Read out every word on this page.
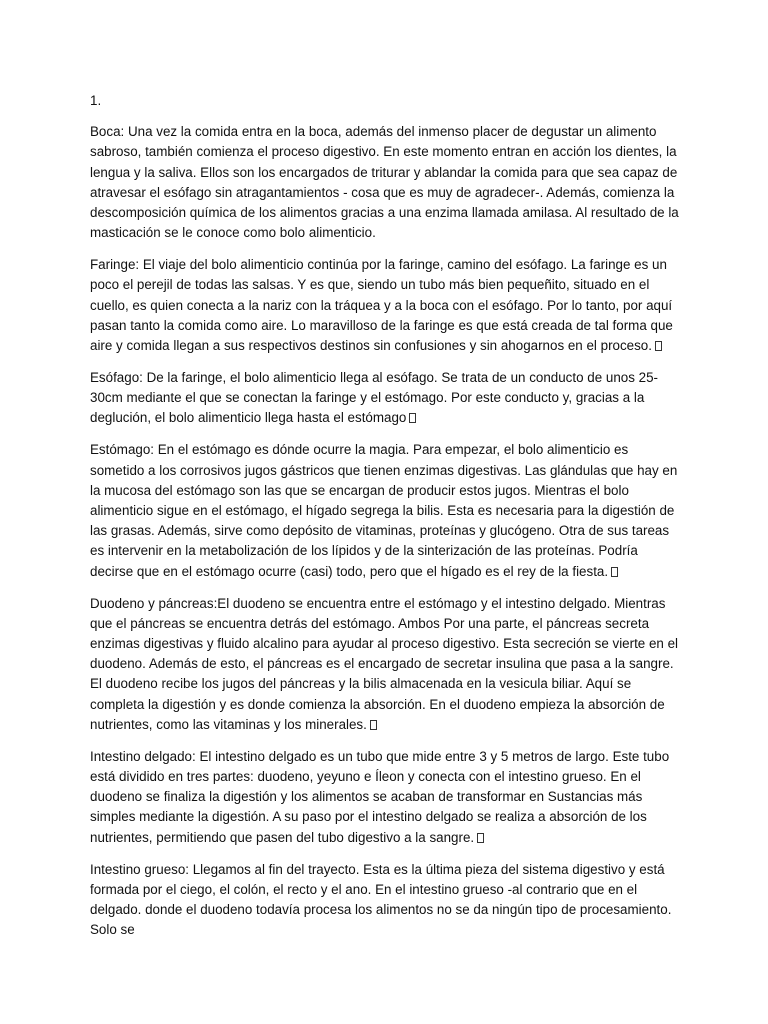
1.

Boca: Una vez la comida entra en la boca, además del inmenso placer de degustar un alimento sabroso, también comienza el proceso digestivo. En este momento entran en acción los dientes, la lengua y la saliva. Ellos son los encargados de triturar y ablandar la comida para que sea capaz de atravesar el esófago sin atragantamientos - cosa que es muy de agradecer-. Además, comienza la descomposición química de los alimentos gracias a una enzima llamada amilasa. Al resultado de la masticación se le conoce como bolo alimenticio.

Faringe: El viaje del bolo alimenticio continúa por la faringe, camino del esófago. La faringe es un poco el perejil de todas las salsas. Y es que, siendo un tubo más bien pequeñito, situado en el cuello, es quien conecta a la nariz con la tráquea y a la boca con el esófago. Por lo tanto, por aquí pasan tanto la comida como aire. Lo maravilloso de la faringe es que está creada de tal forma que aire y comida llegan a sus respectivos destinos sin confusiones y sin ahogarnos en el proceso.

Esófago: De la faringe, el bolo alimenticio llega al esófago. Se trata de un conducto de unos 25-30cm mediante el que se conectan la faringe y el estómago. Por este conducto y, gracias a la deglución, el bolo alimenticio llega hasta el estómago

Estómago: En el estómago es dónde ocurre la magia. Para empezar, el bolo alimenticio es sometido a los corrosivos jugos gástricos que tienen enzimas digestivas. Las glándulas que hay en la mucosa del estómago son las que se encargan de producir estos jugos. Mientras el bolo alimenticio sigue en el estómago, el hígado segrega la bilis. Esta es necesaria para la digestión de las grasas. Además, sirve como depósito de vitaminas, proteínas y glucógeno. Otra de sus tareas es intervenir en la metabolización de los lípidos y de la sinterización de las proteínas. Podría decirse que en el estómago ocurre (casi) todo, pero que el hígado es el rey de la fiesta.

Duodeno y páncreas:El duodeno se encuentra entre el estómago y el intestino delgado. Mientras que el páncreas se encuentra detrás del estómago. Ambos Por una parte, el páncreas secreta enzimas digestivas y fluido alcalino para ayudar al proceso digestivo. Esta secreción se vierte en el duodeno. Además de esto, el páncreas es el encargado de secretar insulina que pasa a la sangre. El duodeno recibe los jugos del páncreas y la bilis almacenada en la vesicula biliar. Aquí se completa la digestión y es donde comienza la absorción. En el duodeno empieza la absorción de nutrientes, como las vitaminas y los minerales.

Intestino delgado: El intestino delgado es un tubo que mide entre 3 y 5 metros de largo. Este tubo está dividido en tres partes: duodeno, yeyuno e Íleon y conecta con el intestino grueso. En el duodeno se finaliza la digestión y los alimentos se acaban de transformar en Sustancias más simples mediante la digestión. A su paso por el intestino delgado se realiza a absorción de los nutrientes, permitiendo que pasen del tubo digestivo a la sangre.

Intestino grueso: Llegamos al fin del trayecto. Esta es la última pieza del sistema digestivo y está formada por el ciego, el colón, el recto y el ano. En el intestino grueso -al contrario que en el delgado. donde el duodeno todavía procesa los alimentos no se da ningún tipo de procesamiento. Solo se
